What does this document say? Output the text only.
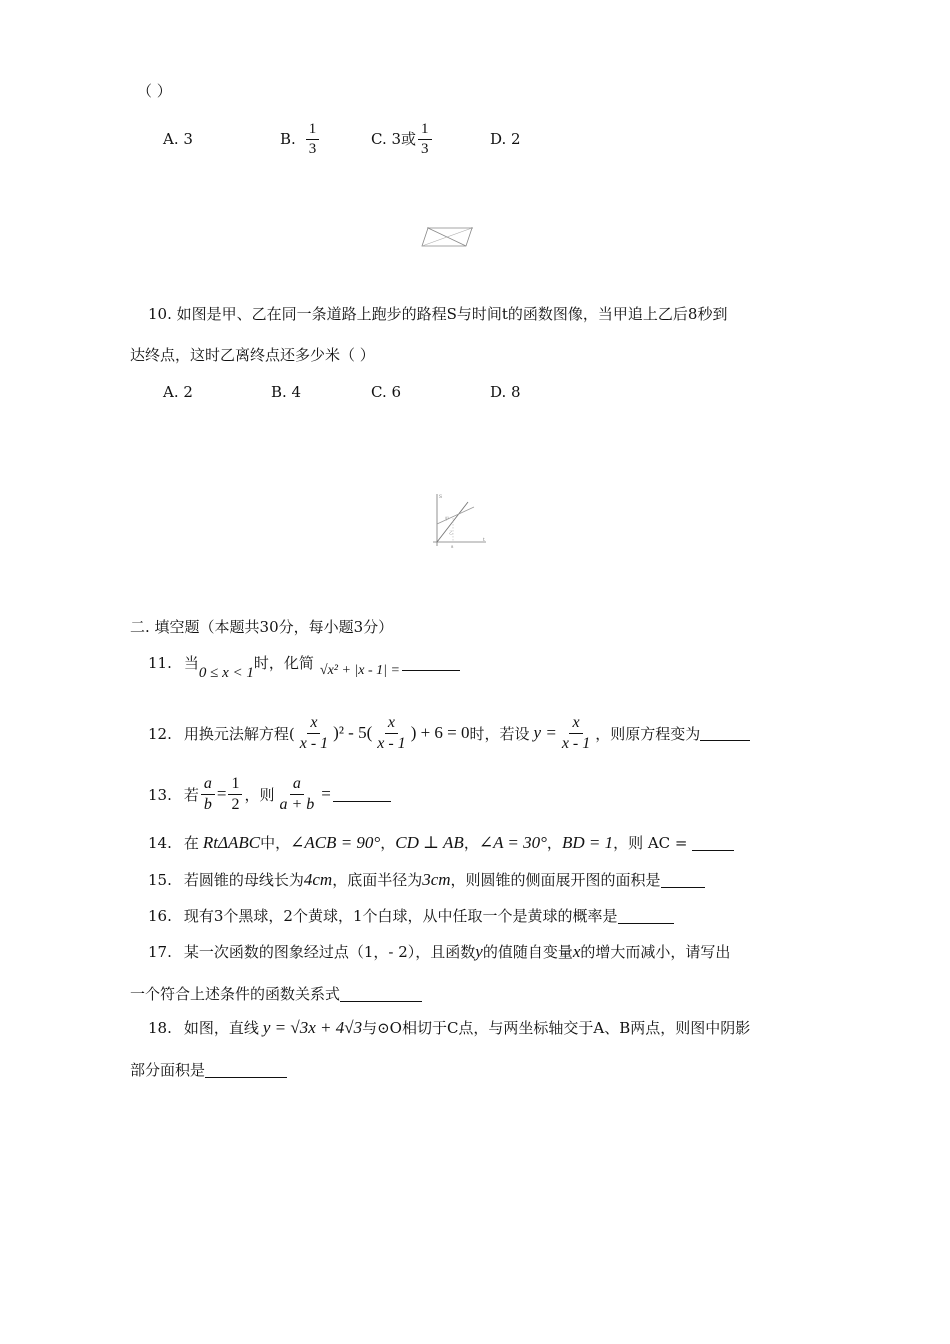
（ ）
A. 3	B. $\frac{1}{3}$	C. 3或 $\frac{1}{3}$	D. 2
10. 如图是甲、乙在同一条道路上跑步的路程S与时间t的函数图像，当甲追上乙后8秒到
达终点，这时乙离终点还多少米（ ）
A. 2	B. 4	C. 6	D. 8
S
t
8
甲
乙
二. 填空题（本题共30分，每小题3分）
11. 当
0 ≤ x < 1
时，化简 √x² + |x - 1| =
12. 用换元法解方程( $\frac{x}{x - 1} )^2 - 5( \frac{x}{x - 1}$ ) + 6 = 0 时，若设 $y = \frac{x}{x - 1}$ ，则原方程变为
13. 若 $\frac{a}{b} = \frac{1}{2}$ ，则 $\frac{a}{a + b}$ =
14. 在 RtΔABC 中， ∠ACB = 90° ， CD ⊥ AB ， ∠A = 30° ， BD = 1 ，则 AC =
15. 若圆锥的母线长为 4cm ，底面半径为 3cm ，则圆锥的侧面展开图的面积是
16. 现有3个黑球，2个黄球，1个白球，从中任取一个是黄球的概率是
17. 某一次函数的图象经过点（1，- 2），且函数 y 的值随自变量 x 的增大而减小，请写出
一个符合上述条件的函数关系式
18. 如图，直线 y = √3x + 4√3 与⊙O相切于C点，与两坐标轴交于A、B两点，则图中阴影
部分面积是
